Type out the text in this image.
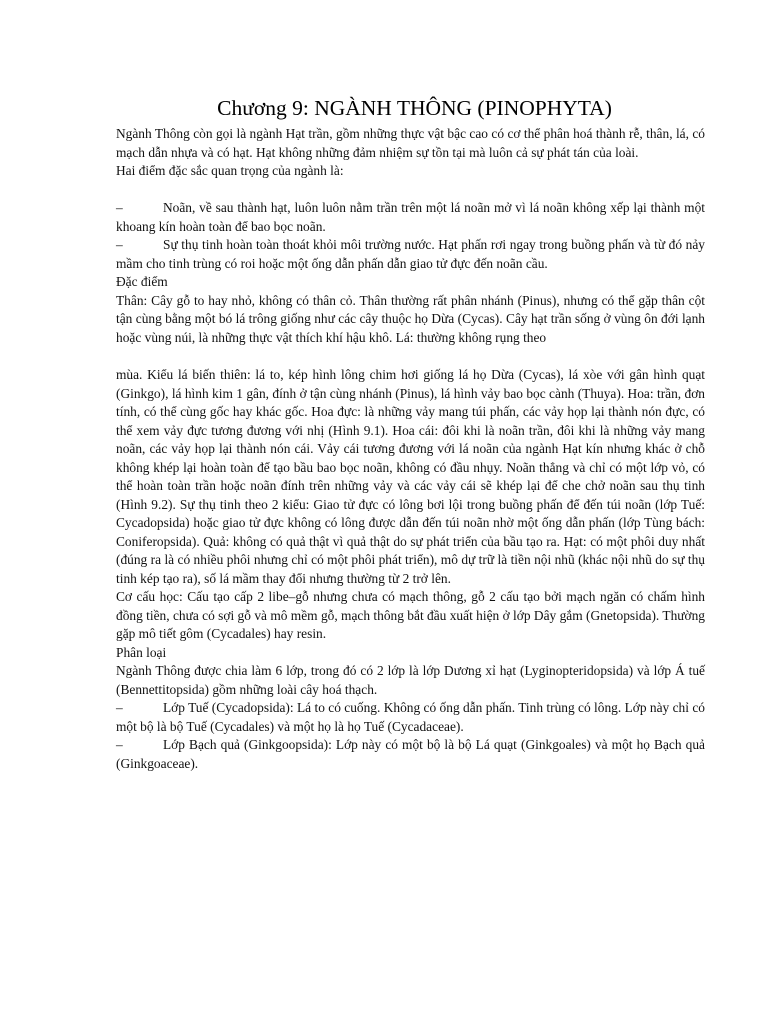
Chương 9: NGÀNH THÔNG (PINOPHYTA)

Ngành Thông còn gọi là ngành Hạt trần, gồm những thực vật bậc cao có cơ thể phân hoá thành rễ, thân, lá, có mạch dẫn nhựa và có hạt. Hạt không những đảm nhiệm sự tồn tại mà luôn cả sự phát tán của loài.

Hai điểm đặc sắc quan trọng của ngành là:

–	Noãn, về sau thành hạt, luôn luôn nằm trần trên một lá noãn mở vì lá noãn không xếp lại thành một khoang kín hoàn toàn để bao bọc noãn.

–	Sự thụ tinh hoàn toàn thoát khỏi môi trường nước. Hạt phấn rơi ngay trong buồng phấn và từ đó nảy mầm cho tinh trùng có roi hoặc một ống dẫn phấn dẫn giao tử đực đến noãn cầu.

Đặc điểm

Thân: Cây gỗ to hay nhỏ, không có thân cỏ. Thân thường rất phân nhánh (Pinus), nhưng có thể gặp thân cột tận cùng bằng một bó lá trông giống như các cây thuộc họ Dừa (Cycas). Cây hạt trần sống ở vùng ôn đới lạnh hoặc vùng núi, là những thực vật thích khí hậu khô. Lá: thường không rụng theo

mùa. Kiểu lá biến thiên: lá to, kép hình lông chim hơi giống lá họ Dừa (Cycas), lá xòe với gân hình quạt (Ginkgo), lá hình kim 1 gân, đính ở tận cùng nhánh (Pinus), lá hình vảy bao bọc cành (Thuya). Hoa: trần, đơn tính, có thể cùng gốc hay khác gốc. Hoa đực: là những vảy mang túi phấn, các vảy họp lại thành nón đực, có thể xem vảy đực tương đương với nhị (Hình 9.1). Hoa cái: đôi khi là noãn trần, đôi khi là những vảy mang noãn, các vảy họp lại thành nón cái. Vảy cái tương đương với lá noãn của ngành Hạt kín nhưng khác ở chỗ không khép lại hoàn toàn để tạo bầu bao bọc noãn, không có đầu nhụy. Noãn thẳng và chỉ có một lớp vỏ, có thể hoàn toàn trần hoặc noãn đính trên những vảy và các vảy cái sẽ khép lại để che chở noãn sau thụ tinh (Hình 9.2). Sự thụ tinh theo 2 kiểu: Giao tử đực có lông bơi lội trong buồng phấn để đến túi noãn (lớp Tuế: Cycadopsida) hoặc giao tử đực không có lông được dẫn đến túi noãn nhờ một ống dẫn phấn (lớp Tùng bách: Coniferopsida). Quả: không có quả thật vì quả thật do sự phát triển của bầu tạo ra. Hạt: có một phôi duy nhất (đúng ra là có nhiều phôi nhưng chỉ có một phôi phát triển), mô dự trữ là tiền nội nhũ (khác nội nhũ do sự thụ tinh kép tạo ra), số lá mầm thay đổi nhưng thường từ 2 trở lên.

Cơ cấu học: Cấu tạo cấp 2 libe–gỗ nhưng chưa có mạch thông, gỗ 2 cấu tạo bởi mạch ngăn có chấm hình đồng tiền, chưa có sợi gỗ và mô mềm gỗ, mạch thông bắt đầu xuất hiện ở lớp Dây gắm (Gnetopsida). Thường gặp mô tiết gôm (Cycadales) hay resin.

Phân loại

Ngành Thông được chia làm 6 lớp, trong đó có 2 lớp là lớp Dương xỉ hạt (Lyginopteridopsida) và lớp Á tuế (Bennettitopsida) gồm những loài cây hoá thạch.

–	Lớp Tuế (Cycadopsida): Lá to có cuống. Không có ống dẫn phấn. Tinh trùng có lông. Lớp này chỉ có một bộ là bộ Tuế (Cycadales) và một họ là họ Tuế (Cycadaceae).

–	Lớp Bạch quả (Ginkgoopsida): Lớp này có một bộ là bộ Lá quạt (Ginkgoales) và một họ Bạch quả (Ginkgoaceae).
